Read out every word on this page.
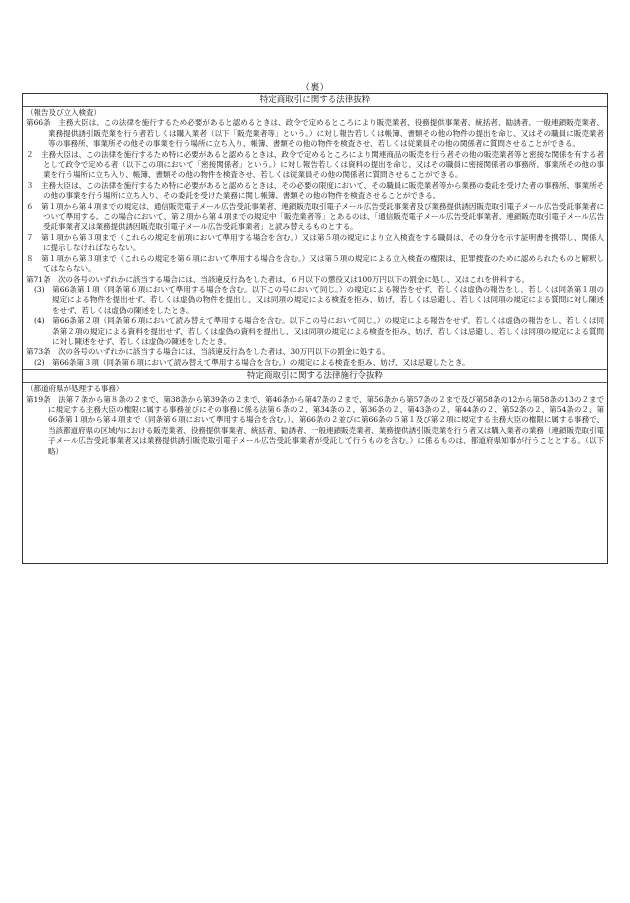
（裏）
特定商取引に関する法律抜粋

（報告及び立入検査）

第66条　主務大臣は、この法律を施行するため必要があると認めるときは、政令で定めるところにより販売業者、役務提供事業者、統括者、勧誘者、一般連鎖販売業者、業務提供誘引販売業を行う者若しくは購入業者（以下「販売業者等」という。）に対し報告若しくは帳簿、書類その他の物件の提出を命じ、又はその職員に販売業者等の事務所、事業所その他その事業を行う場所に立ち入り、帳簿、書類その他の物件を検査させ、若しくは従業員その他の関係者に質問させることができる。

２　主務大臣は、この法律を施行するため特に必要があると認めるときは、政令で定めるところにより関連商品の販売を行う者その他の販売業者等と密接な関係を有する者として政令で定める者（以下この項において「密接関係者」という。）に対し報告若しくは資料の提出を命じ、又はその職員に密接関係者の事務所、事業所その他の事業を行う場所に立ち入り、帳簿、書類その他の物件を検査させ、若しくは従業員その他の関係者に質問させることができる。

３　主務大臣は、この法律を施行するため特に必要があると認めるときは、その必要の限度において、その職員に販売業者等から業務の委託を受けた者の事務所、事業所その他の事業を行う場所に立ち入り、その委託を受けた業務に関し帳簿、書類その他の物件を検査させることができる。

６　第１項から第４項までの規定は、通信販売電子メール広告受託事業者、連鎖販売取引電子メール広告受託事業者及び業務提供誘因販売取引電子メール広告受託事業者について準用する。この場合において、第２項から第４項までの規定中「販売業者等」とあるのは、「通信販売電子メール広告受託事業者、連鎖販売取引電子メール広告受託事業者又は業務提供誘因販売取引電子メール広告受託事業者」と読み替えるものとする。

７　第１項から第３項まで（これらの規定を前項において準用する場合を含む。）又は第５項の規定により立入検査をする職員は、その身分を示す証明書を携帯し、関係人に提示しなければならない。

８　第１項から第３項まで（これらの規定を第６項において準用する場合を含む。）又は第５項の規定による立入検査の権限は、犯罪捜査のために認められたものと解釈してはならない。

第71条　次の各号のいずれかに該当する場合には、当該違反行為をした者は、６月以下の懲役又は100万円以下の罰金に処し、又はこれを併科する。

(3)　第66条第１項（同条第６項において準用する場合を含む。以下この号において同じ。）の規定による報告をせず、若しくは虚偽の報告をし、若しくは同条第１項の規定による物件を提出せず、若しくは虚偽の物件を提出し、又は同項の規定による検査を拒み、妨げ、若しくは忌避し、若しくは同項の規定による質問に対し陳述をせず、若しくは虚偽の陳述をしたとき。

(4)　第66条第２項（同条第６項において読み替えて準用する場合を含む。以下この号において同じ。）の規定による報告をせず、若しくは虚偽の報告をし、若しくは同条第２項の規定による資料を提出せず、若しくは虚偽の資料を提出し、又は同項の規定による検査を拒み、妨げ、若しくは忌避し、若しくは同項の規定による質問に対し陳述をせず、若しくは虚偽の陳述をしたとき。

第73条　次の各号のいずれかに該当する場合には、当該違反行為をした者は、30万円以下の罰金に処する。

(2)　第66条第３項（同条第６項において読み替えて準用する場合を含む。）の規定による検査を拒み、妨げ、又は忌避したとき。

特定商取引に関する法律施行令抜粋

（都道府県が処理する事務）

第19条　法第７条から第８条の２まで、第38条から第39条の２まで、第46条から第47条の２まで、第56条から第57条の２まで及び第58条の12から第58条の13の２までに規定する主務大臣の権限に属する事務並びにその事務に係る法第６条の２、第34条の２、第36条の２、第43条の２、第44条の２、第52条の２、第54条の２、第66条第１項から第４項まで（同条第６項において準用する場合を含む。）、第66条の２並びに第66条の５第１及び第２項に規定する主務大臣の権限に属する事務で、当該都道府県の区域内における販売業者、役務提供事業者、統括者、勧誘者、一般連鎖販売業者、業務提供誘引販売業を行う者又は購入業者の業務（連鎖販売取引電子メール広告受託事業者又は業務提供誘引販売取引電子メール広告受託事業者が受託して行うものを含む。）に係るものは、都道府県知事が行うこととする。（以下略）
